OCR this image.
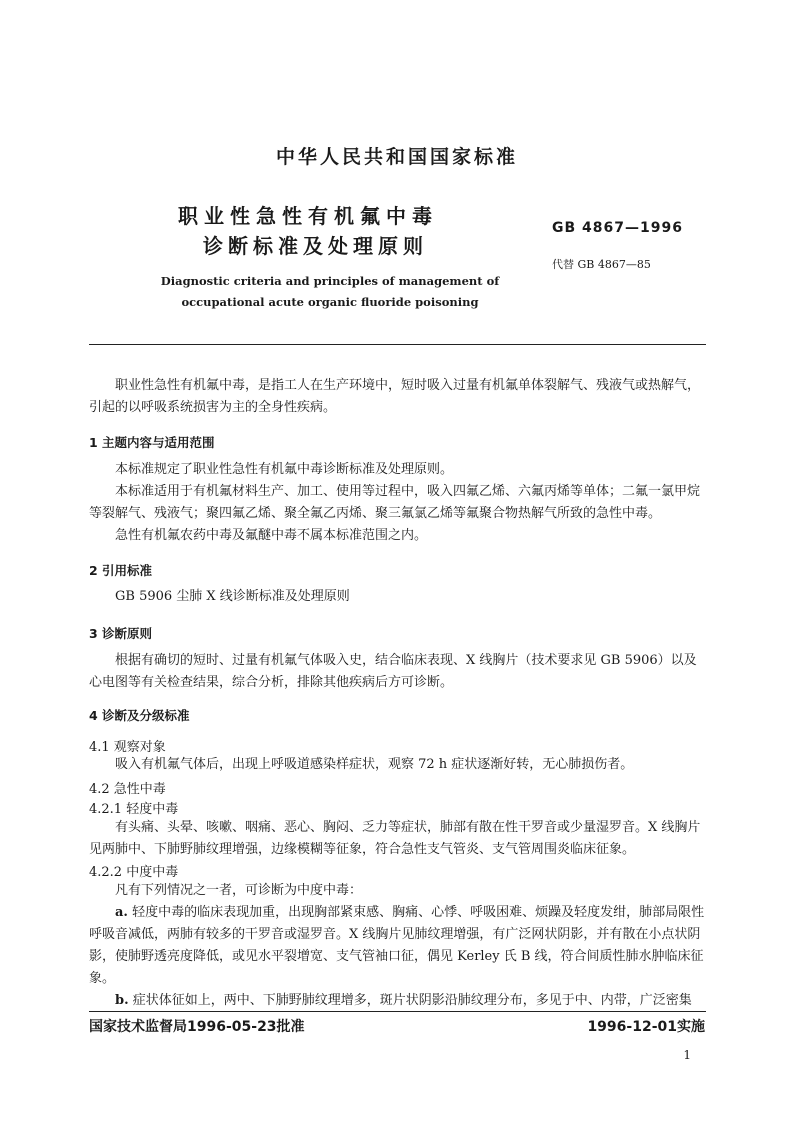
中华人民共和国国家标准
职业性急性有机氟中毒
诊断标准及处理原则
GB 4867—1996
代替 GB 4867—85
Diagnostic criteria and principles of management of
occupational acute organic fluoride poisoning
职业性急性有机氟中毒，是指工人在生产环境中，短时吸入过量有机氟单体裂解气、残液气或热解气，引起的以呼吸系统损害为主的全身性疾病。
1 主题内容与适用范围
本标准规定了职业性急性有机氟中毒诊断标准及处理原则。
本标准适用于有机氟材料生产、加工、使用等过程中，吸入四氟乙烯、六氟丙烯等单体；二氟一氯甲烷等裂解气、残液气；聚四氟乙烯、聚全氟乙丙烯、聚三氟氯乙烯等氟聚合物热解气所致的急性中毒。
急性有机氟农药中毒及氟醚中毒不属本标准范围之内。
2 引用标准
GB 5906 尘肺 X 线诊断标准及处理原则
3 诊断原则
根据有确切的短时、过量有机氟气体吸入史，结合临床表现、X 线胸片（技术要求见 GB 5906）以及心电图等有关检查结果，综合分析，排除其他疾病后方可诊断。
4 诊断及分级标准
4.1 观察对象
吸入有机氟气体后，出现上呼吸道感染样症状，观察 72 h 症状逐渐好转，无心肺损伤者。
4.2 急性中毒
4.2.1 轻度中毒
有头痛、头晕、咳嗽、咽痛、恶心、胸闷、乏力等症状，肺部有散在性干罗音或少量湿罗音。X 线胸片见两肺中、下肺野肺纹理增强，边缘模糊等征象，符合急性支气管炎、支气管周围炎临床征象。
4.2.2 中度中毒
凡有下列情况之一者，可诊断为中度中毒：
a. 轻度中毒的临床表现加重，出现胸部紧束感、胸痛、心悸、呼吸困难、烦躁及轻度发绀，肺部局限性呼吸音减低，两肺有较多的干罗音或湿罗音。X 线胸片见肺纹理增强，有广泛网状阴影，并有散在小点状阴影，使肺野透亮度降低，或见水平裂增宽、支气管袖口征，偶见 Kerley 氏 B 线，符合间质性肺水肿临床征象。
b. 症状体征如上，两中、下肺野肺纹理增多，斑片状阴影沿肺纹理分布，多见于中、内带，广泛密集
国家技术监督局1996-05-23批准	1996-12-01实施
1
